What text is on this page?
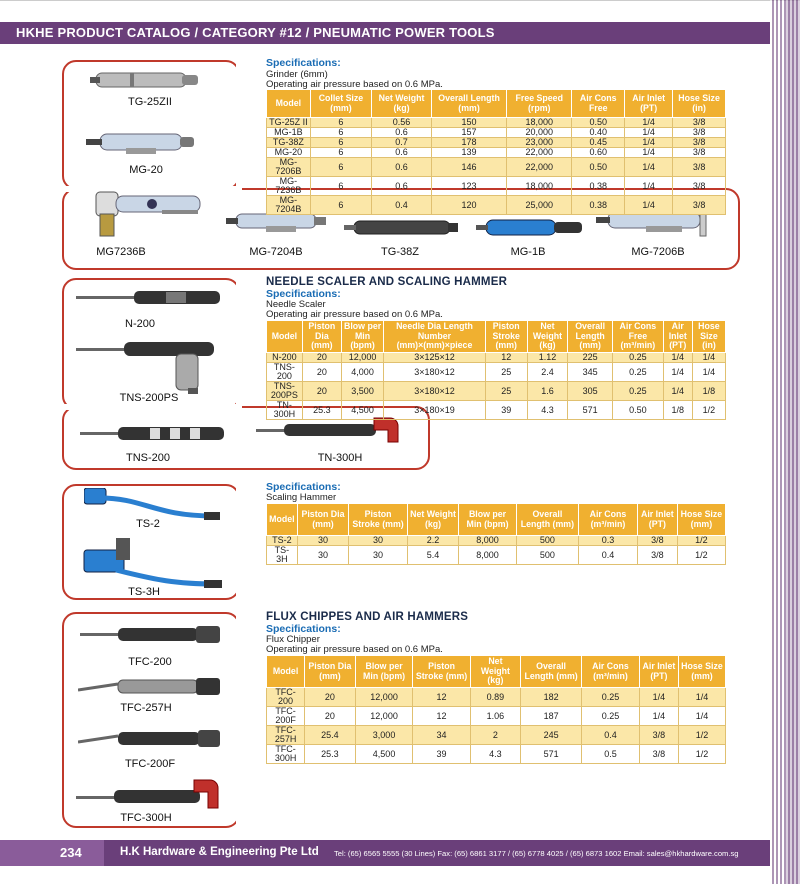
HKHE PRODUCT CATALOG / CATEGORY #12 / PNEUMATIC POWER TOOLS
TG-25ZII
MG-20
MG7236B	MG-7204B	TG-38Z	MG-1B	MG-7206B
Specifications:
Grinder (6mm)
Operating air pressure based on 0.6 MPa.
Model	Collet Size (mm)	Net Weight (kg)	Overall Length (mm)	Free Speed (rpm)	Air Cons Free	Air Inlet (PT)	Hose Size (in)
TG-25Z II	6	0.56	150	18,000	0.50	1/4	3/8
MG-1B	6	0.6	157	20,000	0.40	1/4	3/8
TG-38Z	6	0.7	178	23,000	0.45	1/4	3/8
MG-20	6	0.6	139	22,000	0.60	1/4	3/8
MG-7206B	6	0.6	146	22,000	0.50	1/4	3/8
MG-7236B	6	0.6	123	18,000	0.38	1/4	3/8
MG-7204B	6	0.4	120	25,000	0.38	1/4	3/8
N-200
TNS-200PS
TNS-200	TN-300H
NEEDLE SCALER AND SCALING HAMMER
Specifications:
Needle Scaler
Operating air pressure based on 0.6 MPa.
Model	Piston Dia (mm)	Blow per Min (bpm)	Needle Dia Length Number (mm)×(mm)×piece	Piston Stroke (mm)	Net Weight (kg)	Overall Length (mm)	Air Cons Free (m³/min)	Air Inlet (PT)	Hose Size (in)
N-200	20	12,000	3×125×12	12	1.12	225	0.25	1/4	1/4
TNS-200	20	4,000	3×180×12	25	2.4	345	0.25	1/4	1/4
TNS-200PS	20	3,500	3×180×12	25	1.6	305	0.25	1/4	1/8
TN-300H	25.3	4,500	3×180×19	39	4.3	571	0.50	1/8	1/2
TS-2
TS-3H
Specifications:
Scaling Hammer
Model	Piston Dia (mm)	Piston Stroke (mm)	Net Weight (kg)	Blow per Min (bpm)	Overall Length (mm)	Air Cons (m³/min)	Air Inlet (PT)	Hose Size (mm)
TS-2	30	30	2.2	8,000	500	0.3	3/8	1/2
TS-3H	30	30	5.4	8,000	500	0.4	3/8	1/2
TFC-200
TFC-257H
TFC-200F
TFC-300H
FLUX CHIPPES AND AIR HAMMERS
Specifications:
Flux Chipper
Operating air pressure based on 0.6 MPa.
Model	Piston Dia (mm)	Blow per Min (bpm)	Piston Stroke (mm)	Net Weight (kg)	Overall Length (mm)	Air Cons (m³/min)	Air Inlet (PT)	Hose Size (mm)
TFC-200	20	12,000	12	0.89	182	0.25	1/4	1/4
TFC-200F	20	12,000	12	1.06	187	0.25	1/4	1/4
TFC-257H	25.4	3,000	34	2	245	0.4	3/8	1/2
TFC-300H	25.3	4,500	39	4.3	571	0.5	3/8	1/2
234	H.K Hardware & Engineering Pte Ltd Tel: (65) 6565 5555 (30 Lines) Fax: (65) 6861 3177 / (65) 6778 4025 / (65) 6873 1602 Email: sales@hkhardware.com.sg
